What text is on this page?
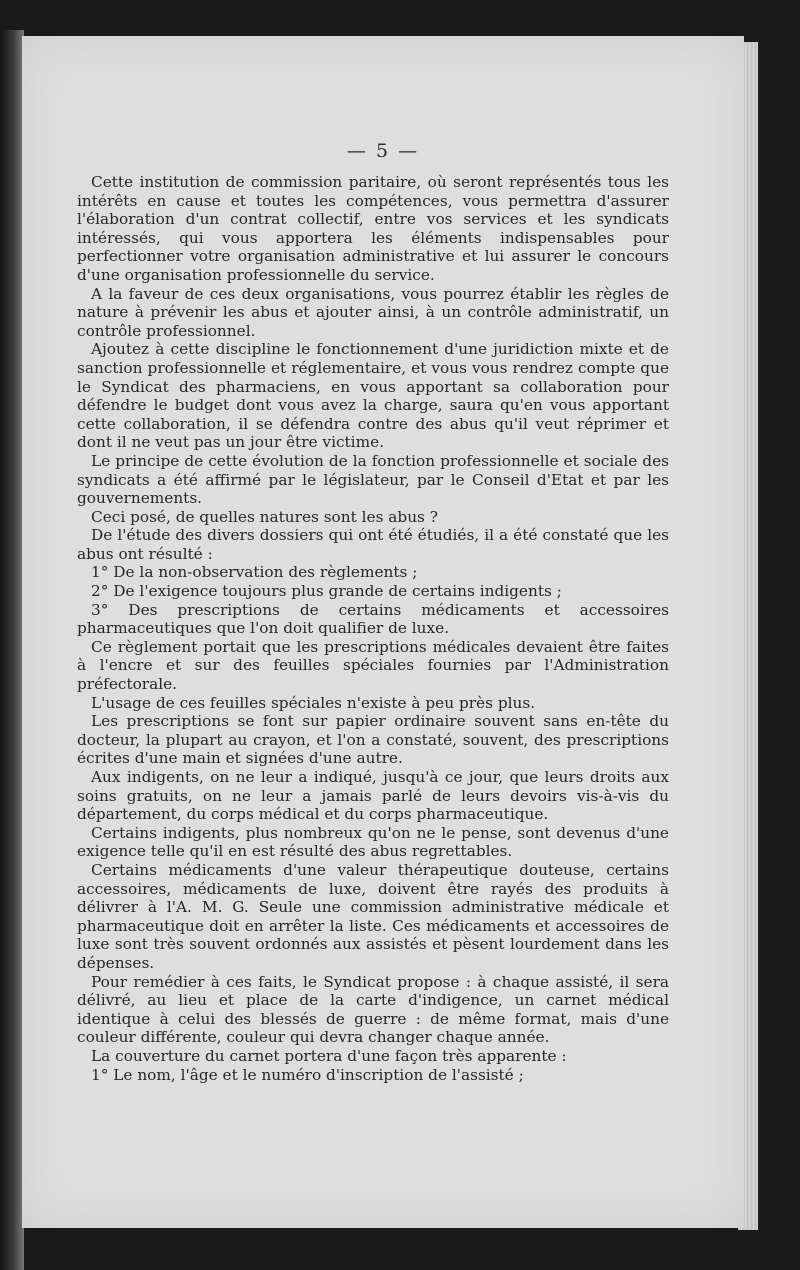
— 5 —

Cette institution de commission paritaire, où seront représentés tous les intérêts en cause et toutes les compétences, vous permettra d'assurer l'élaboration d'un contrat collectif, entre vos services et les syndicats intéressés, qui vous apportera les éléments indispensables pour perfectionner votre organisation administrative et lui assurer le concours d'une organisation professionnelle du service.

A la faveur de ces deux organisations, vous pourrez établir les règles de nature à prévenir les abus et ajouter ainsi, à un contrôle administratif, un contrôle professionnel.

Ajoutez à cette discipline le fonctionnement d'une juridiction mixte et de sanction professionnelle et réglementaire, et vous vous rendrez compte que le Syndicat des pharmaciens, en vous apportant sa collaboration pour défendre le budget dont vous avez la charge, saura qu'en vous apportant cette collaboration, il se défendra contre des abus qu'il veut réprimer et dont il ne veut pas un jour être victime.

Le principe de cette évolution de la fonction professionnelle et sociale des syndicats a été affirmé par le législateur, par le Conseil d'Etat et par les gouvernements.

Ceci posé, de quelles natures sont les abus ?

De l'étude des divers dossiers qui ont été étudiés, il a été constaté que les abus ont résulté :

1° De la non-observation des règlements ;

2° De l'exigence toujours plus grande de certains indigents ;

3° Des prescriptions de certains médicaments et accessoires pharmaceutiques que l'on doit qualifier de luxe.

Ce règlement portait que les prescriptions médicales devaient être faites à l'encre et sur des feuilles spéciales fournies par l'Administration préfectorale.

L'usage de ces feuilles spéciales n'existe à peu près plus.

Les prescriptions se font sur papier ordinaire souvent sans en-tête du docteur, la plupart au crayon, et l'on a constaté, souvent, des prescriptions écrites d'une main et signées d'une autre.

Aux indigents, on ne leur a indiqué, jusqu'à ce jour, que leurs droits aux soins gratuits, on ne leur a jamais parlé de leurs devoirs vis-à-vis du département, du corps médical et du corps pharmaceutique.

Certains indigents, plus nombreux qu'on ne le pense, sont devenus d'une exigence telle qu'il en est résulté des abus regrettables.

Certains médicaments d'une valeur thérapeutique douteuse, certains accessoires, médicaments de luxe, doivent être rayés des produits à délivrer à l'A. M. G. Seule une commission administrative médicale et pharmaceutique doit en arrêter la liste. Ces médicaments et accessoires de luxe sont très souvent ordonnés aux assistés et pèsent lourdement dans les dépenses.

Pour remédier à ces faits, le Syndicat propose : à chaque assisté, il sera délivré, au lieu et place de la carte d'indigence, un carnet médical identique à celui des blessés de guerre : de même format, mais d'une couleur différente, couleur qui devra changer chaque année.

La couverture du carnet portera d'une façon très apparente :

1° Le nom, l'âge et le numéro d'inscription de l'assisté ;
